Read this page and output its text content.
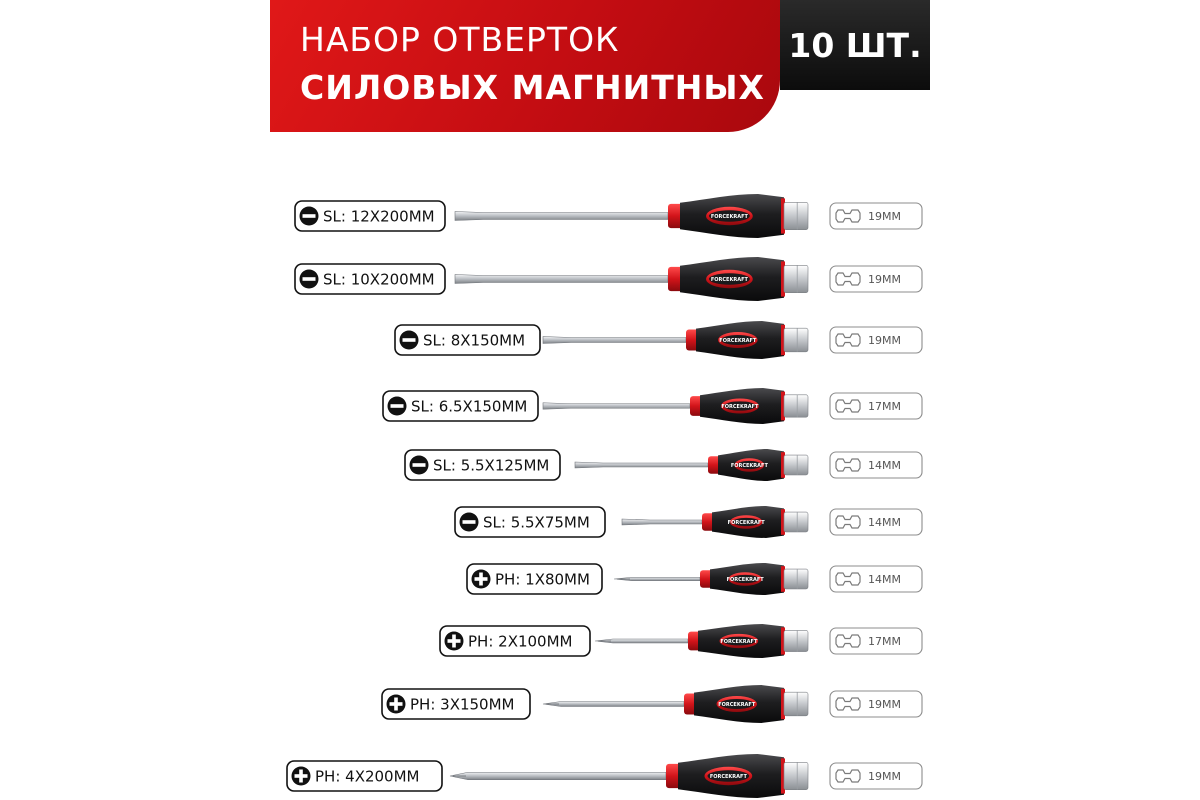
НАБОР ОТВЕРТОК
СИЛОВЫХ МАГНИТНЫХ
10 ШТ.
SL: 12X200MM	FORCEKRAFT	19MM
SL: 10X200MM	FORCEKRAFT	19MM
SL: 8X150MM	FORCEKRAFT	19MM
SL: 6.5X150MM	FORCEKRAFT	17MM
SL: 5.5X125MM	FORCEKRAFT	14MM
SL: 5.5X75MM	FORCEKRAFT	14MM
PH: 1X80MM	FORCEKRAFT	14MM
PH: 2X100MM	FORCEKRAFT	17MM
PH: 3X150MM	FORCEKRAFT	19MM
PH: 4X200MM	FORCEKRAFT	19MM
